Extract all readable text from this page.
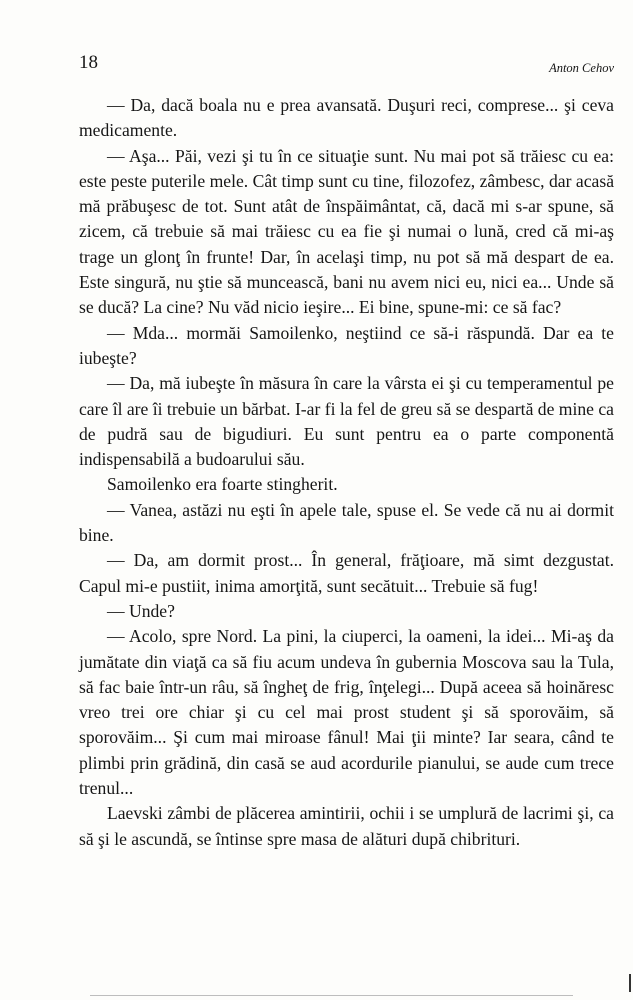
18	Anton Cehov

— Da, dacă boala nu e prea avansată. Duşuri reci, comprese... şi ceva medicamente.

— Aşa... Păi, vezi şi tu în ce situaţie sunt. Nu mai pot să trăiesc cu ea: este peste puterile mele. Cât timp sunt cu tine, filozofez, zâmbesc, dar acasă mă prăbuşesc de tot. Sunt atât de înspăimântat, că, dacă mi s-ar spune, să zicem, că trebuie să mai trăiesc cu ea fie şi numai o lună, cred că mi-aş trage un glonţ în frunte! Dar, în acelaşi timp, nu pot să mă despart de ea. Este singură, nu ştie să muncească, bani nu avem nici eu, nici ea... Unde să se ducă? La cine? Nu văd nicio ieşire... Ei bine, spune-mi: ce să fac?

— Mda... mormăi Samoilenko, neştiind ce să-i răspundă. Dar ea te iubeşte?

— Da, mă iubeşte în măsura în care la vârsta ei şi cu temperamentul pe care îl are îi trebuie un bărbat. I-ar fi la fel de greu să se despartă de mine ca de pudră sau de bigudiuri. Eu sunt pentru ea o parte componentă indispensabilă a budoarului său.

Samoilenko era foarte stingherit.

— Vanea, astăzi nu eşti în apele tale, spuse el. Se vede că nu ai dormit bine.

— Da, am dormit prost... În general, frăţioare, mă simt dezgustat. Capul mi-e pustiit, inima amorţită, sunt secătuit... Trebuie să fug!

— Unde?

— Acolo, spre Nord. La pini, la ciuperci, la oameni, la idei... Mi-aş da jumătate din viaţă ca să fiu acum undeva în gubernia Moscova sau la Tula, să fac baie într-un râu, să îngheţ de frig, înţelegi... După aceea să hoinăresc vreo trei ore chiar şi cu cel mai prost student şi să sporovăim, să sporovăim... Şi cum mai miroase fânul! Mai ţii minte? Iar seara, când te plimbi prin grădină, din casă se aud acordurile pianului, se aude cum trece trenul...

Laevski zâmbi de plăcerea amintirii, ochii i se umplură de lacrimi şi, ca să şi le ascundă, se întinse spre masa de alături după chibrituri.
